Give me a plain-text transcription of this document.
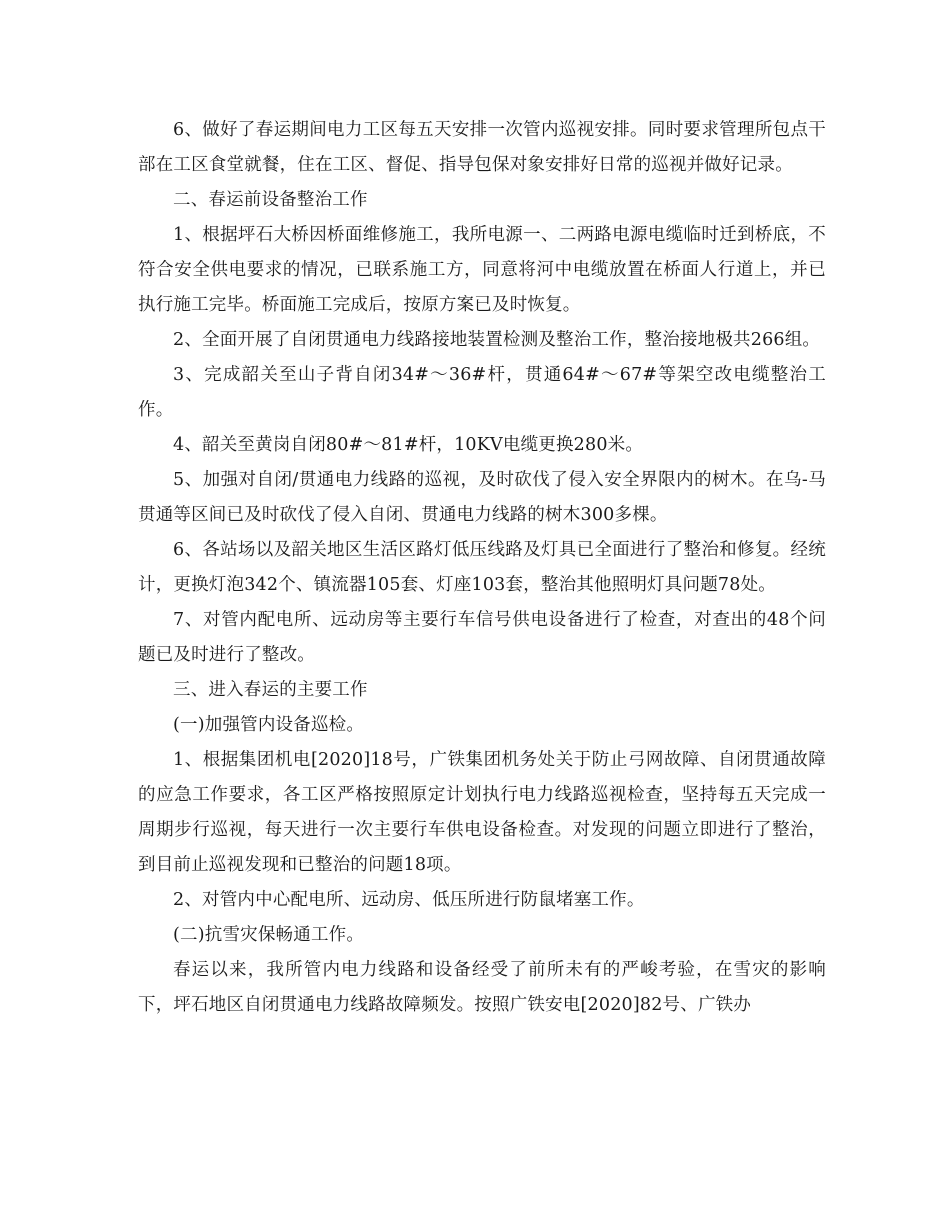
6、做好了春运期间电力工区每五天安排一次管内巡视安排。同时要求管理所包点干部在工区食堂就餐，住在工区、督促、指导包保对象安排好日常的巡视并做好记录。

二、春运前设备整治工作

1、根据坪石大桥因桥面维修施工，我所电源一、二两路电源电缆临时迁到桥底，不符合安全供电要求的情况，已联系施工方，同意将河中电缆放置在桥面人行道上，并已执行施工完毕。桥面施工完成后，按原方案已及时恢复。

2、全面开展了自闭贯通电力线路接地装置检测及整治工作，整治接地极共266组。

3、完成韶关至山子背自闭34#～36#杆，贯通64#～67#等架空改电缆整治工作。

4、韶关至黄岗自闭80#～81#杆，10KV电缆更换280米。

5、加强对自闭/贯通电力线路的巡视，及时砍伐了侵入安全界限内的树木。在乌-马贯通等区间已及时砍伐了侵入自闭、贯通电力线路的树木300多棵。

6、各站场以及韶关地区生活区路灯低压线路及灯具已全面进行了整治和修复。经统计，更换灯泡342个、镇流器105套、灯座103套，整治其他照明灯具问题78处。

7、对管内配电所、远动房等主要行车信号供电设备进行了检查，对查出的48个问题已及时进行了整改。

三、进入春运的主要工作

(一)加强管内设备巡检。

1、根据集团机电[2020]18号，广铁集团机务处关于防止弓网故障、自闭贯通故障的应急工作要求，各工区严格按照原定计划执行电力线路巡视检查，坚持每五天完成一周期步行巡视，每天进行一次主要行车供电设备检查。对发现的问题立即进行了整治，到目前止巡视发现和已整治的问题18项。

2、对管内中心配电所、远动房、低压所进行防鼠堵塞工作。

(二)抗雪灾保畅通工作。

春运以来，我所管内电力线路和设备经受了前所未有的严峻考验，在雪灾的影响下，坪石地区自闭贯通电力线路故障频发。按照广铁安电[2020]82号、广铁办
